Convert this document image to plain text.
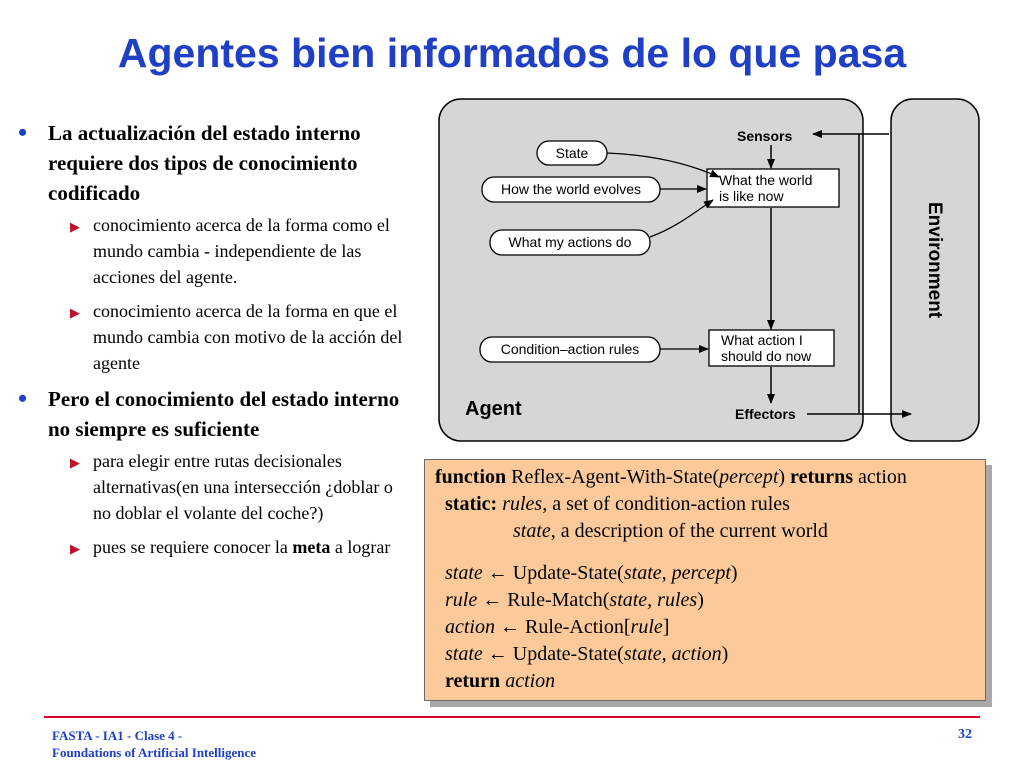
Agentes bien informados de lo que pasa
• La actualización del estado interno requiere dos tipos de conocimiento codificado
▶ conocimiento acerca de la forma como el mundo cambia - independiente de las acciones del agente.
▶ conocimiento acerca de la forma en que el mundo cambia con motivo de la acción del agente
• Pero el conocimiento del estado interno no siempre es suficiente
▶ para elegir entre rutas decisionales alternativas(en una intersección ¿doblar o no doblar el volante del coche?)
▶ pues se requiere conocer la meta a lograr
Environment
Sensors
Effectors
Agent
State
How the world evolves
What my actions do
Condition–action rules
What the world
is like now
What action I
should do now
function Reflex-Agent-With-State(percept) returns action
static: rules, a set of condition-action rules
state, a description of the current world
state ← Update-State(state, percept)
rule ← Rule-Match(state, rules)
action ← Rule-Action[rule]
state ← Update-State(state, action)
return action
FASTA - IA1 - Clase 4 -
Foundations of Artificial Intelligence
32
